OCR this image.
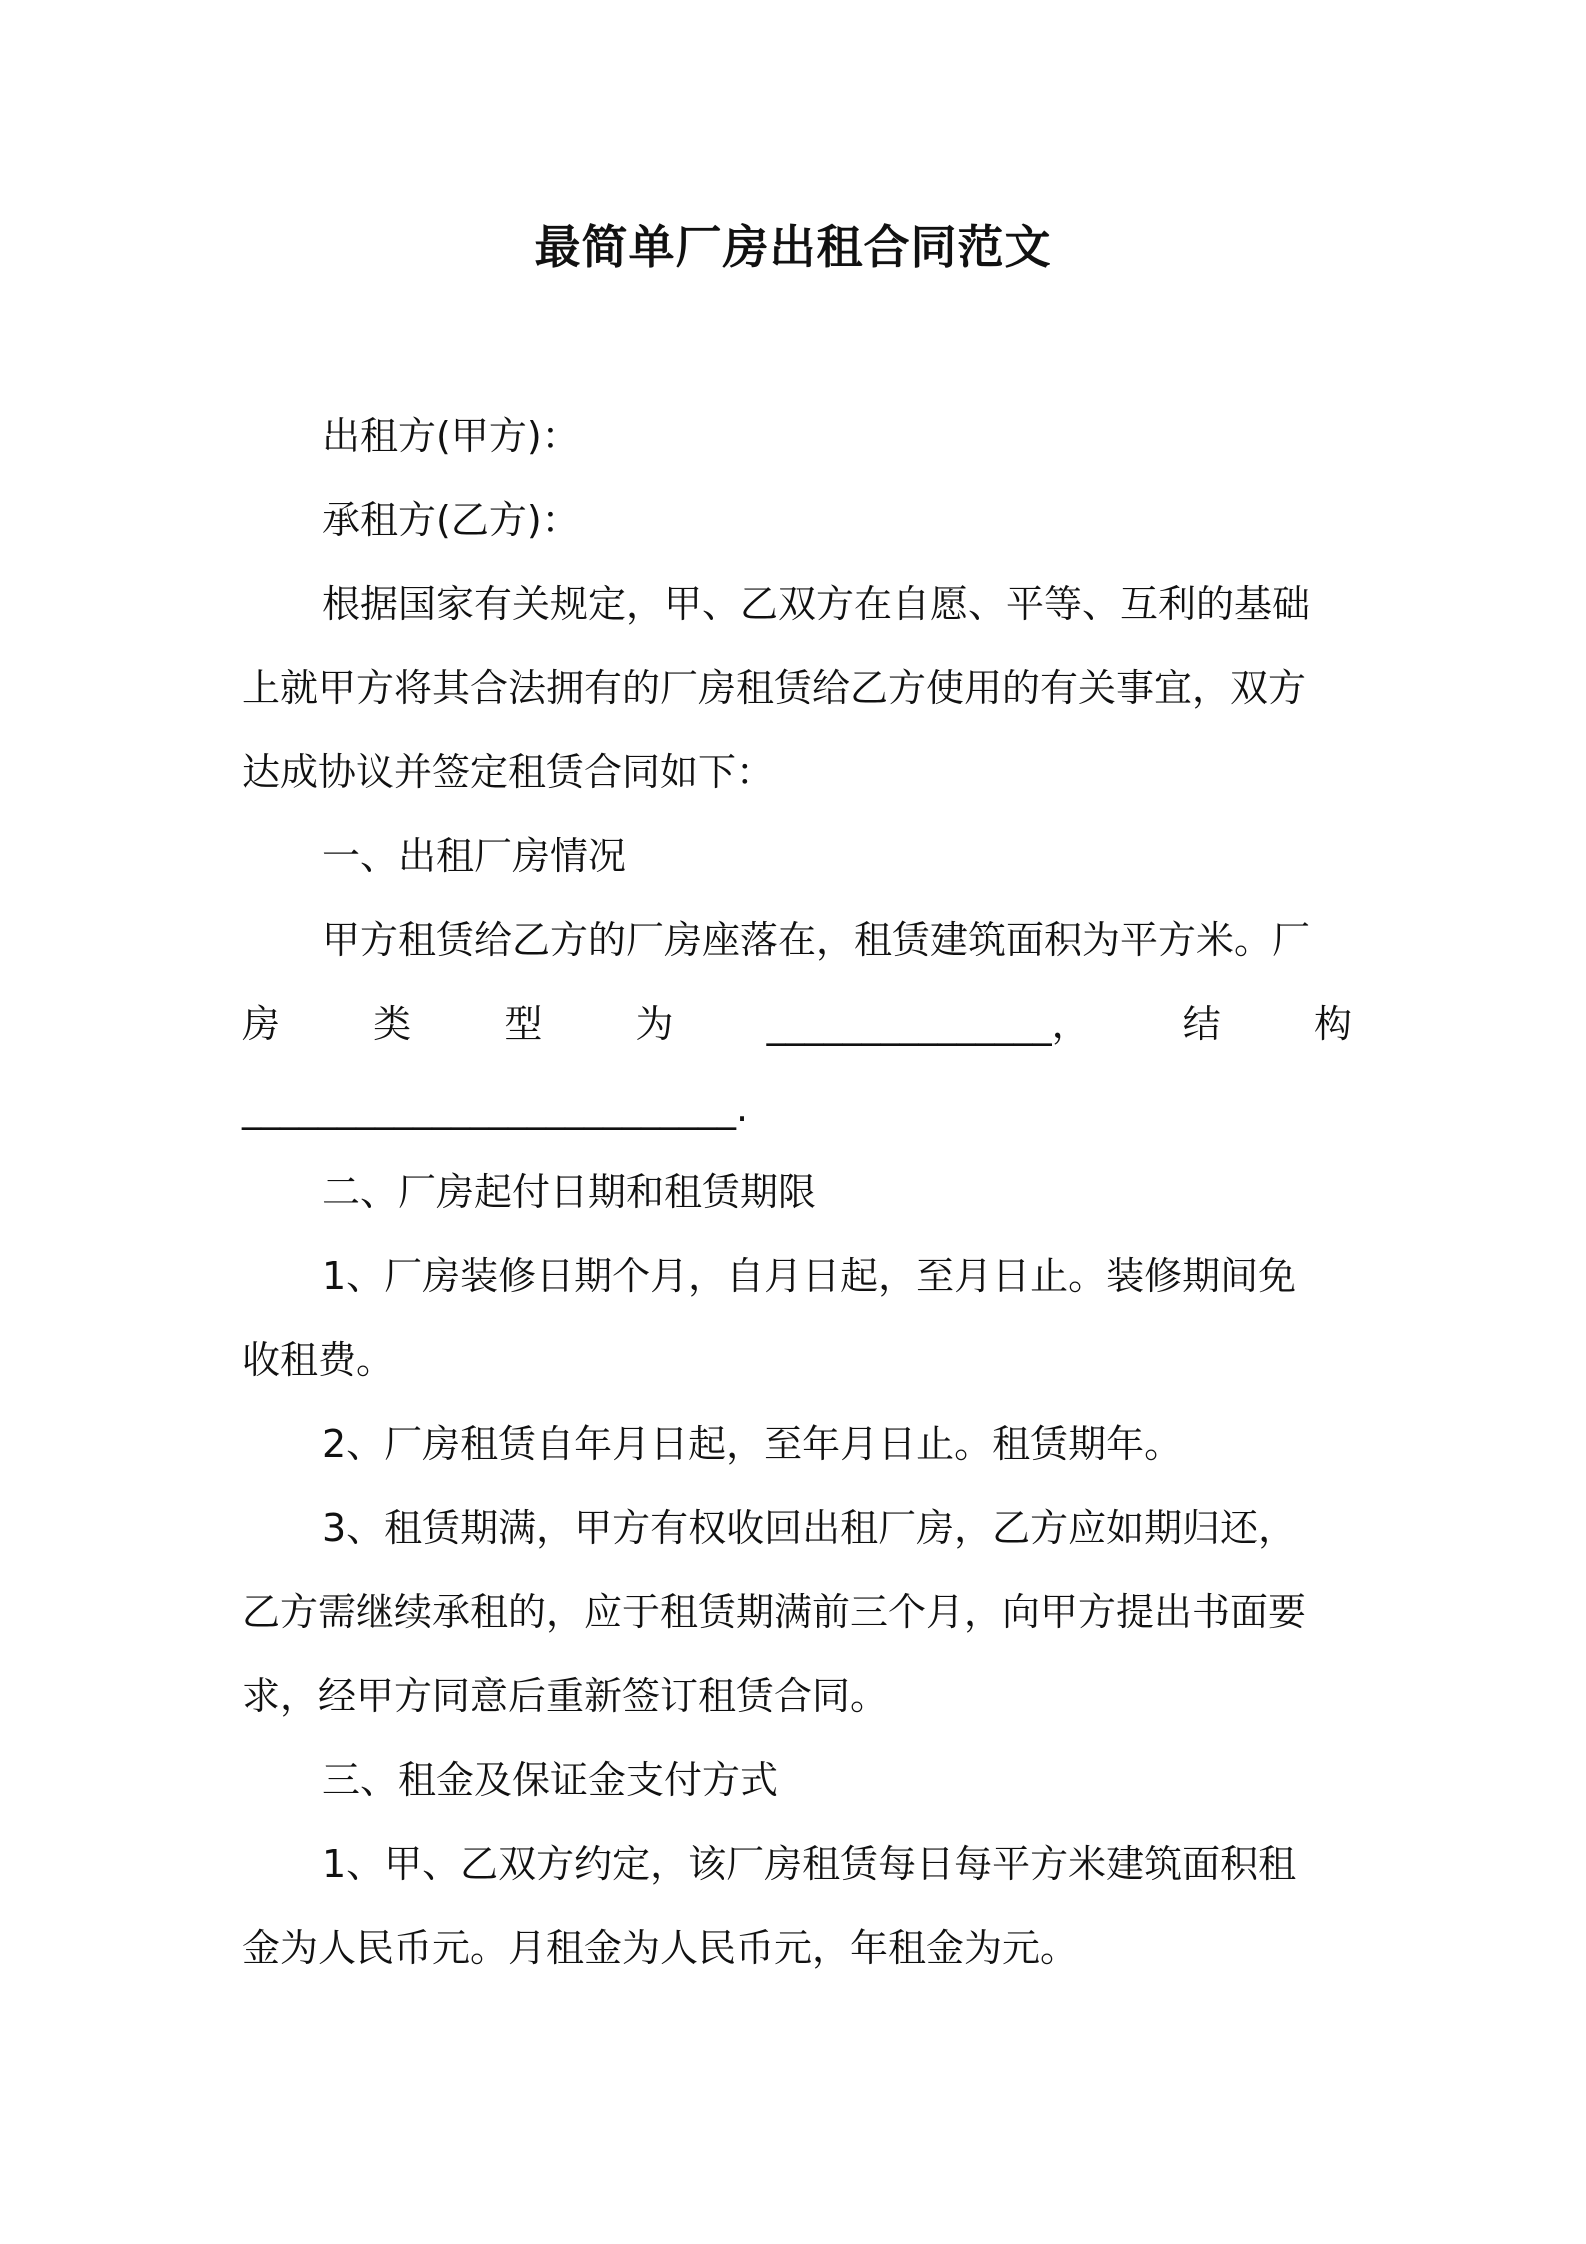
最简单厂房出租合同范文
出租方(甲方)：
承租方(乙方)：
根据国家有关规定，甲、乙双方在自愿、平等、互利的基础
上就甲方将其合法拥有的厂房租赁给乙方使用的有关事宜，双方
达成协议并签定租赁合同如下：
一、出租厂房情况
甲方租赁给乙方的厂房座落在，租赁建筑面积为平方米。厂
房 类 型 为 _______________， 结 构
__________________________.
二、厂房起付日期和租赁期限
1、厂房装修日期个月，自月日起，至月日止。装修期间免
收租费。
2、厂房租赁自年月日起，至年月日止。租赁期年。
3、租赁期满，甲方有权收回出租厂房，乙方应如期归还，
乙方需继续承租的，应于租赁期满前三个月，向甲方提出书面要
求，经甲方同意后重新签订租赁合同。
三、租金及保证金支付方式
1、甲、乙双方约定，该厂房租赁每日每平方米建筑面积租
金为人民币元。月租金为人民币元，年租金为元。
